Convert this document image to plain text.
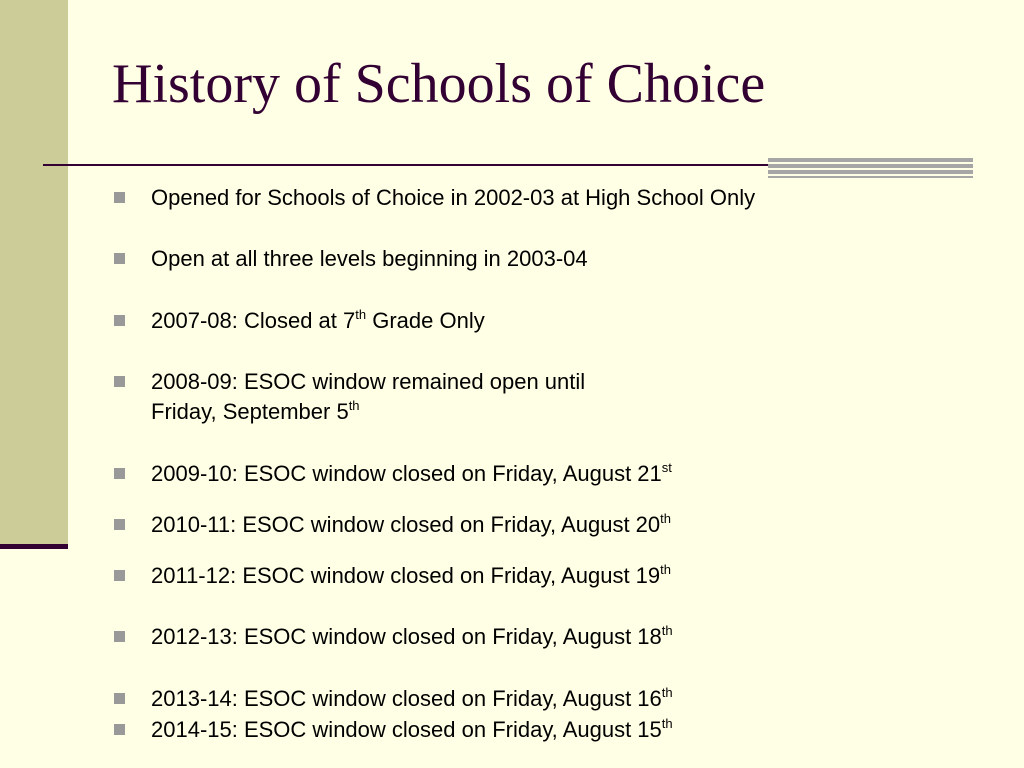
History of Schools of Choice
Opened for Schools of Choice in 2002-03 at High School Only
Open at all three levels beginning in 2003-04
2007-08: Closed at 7th Grade Only
2008-09: ESOC window remained open until
Friday, September 5th
2009-10: ESOC window closed on Friday, August 21st
2010-11: ESOC window closed on Friday, August 20th
2011-12: ESOC window closed on Friday, August 19th
2012-13: ESOC window closed on Friday, August 18th
2013-14: ESOC window closed on Friday, August 16th
2014-15: ESOC window closed on Friday, August 15th
